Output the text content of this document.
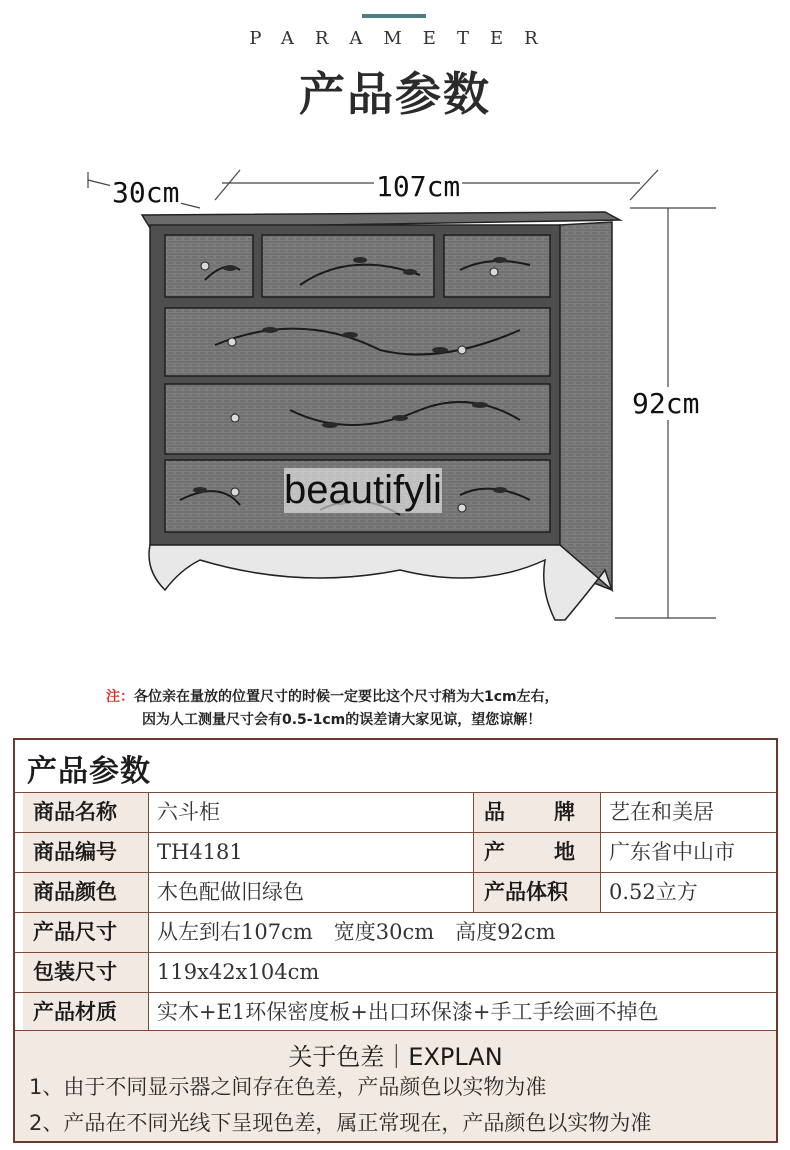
PARAMETER
产品参数
30cm	107cm
92cm
beautifyli
注：各位亲在量放的位置尺寸的时候一定要比这个尺寸稍为大1cm左右，
因为人工测量尺寸会有0.5-1cm的误差请大家见谅，望您谅解！
产品参数
商品名称	六斗柜	品　牌 艺在和美居
商品编号	TH4181	产　地 广东省中山市
商品颜色	木色配做旧绿色	产品体积	0.52立方
产品尺寸	从左到右107cm　宽度30cm　高度92cm
包装尺寸	119x42x104cm
产品材质	实木+E1环保密度板+出口环保漆+手工手绘画不掉色
关于色差｜EXPLAN
1、由于不同显示器之间存在色差，产品颜色以实物为准
2、产品在不同光线下呈现色差，属正常现在，产品颜色以实物为准
